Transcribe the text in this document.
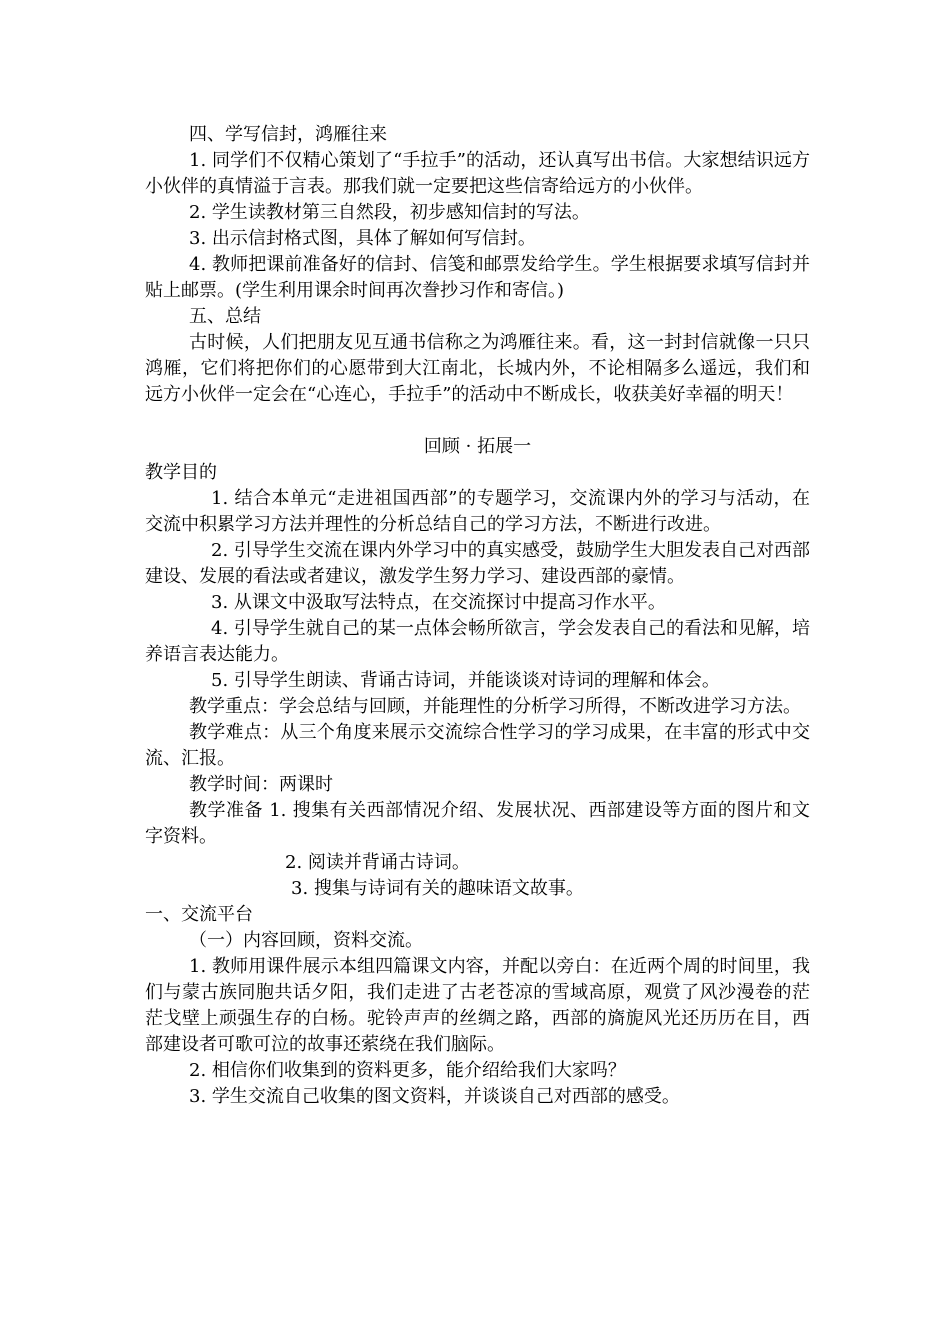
四、学写信封，鸿雁往来

1. 同学们不仅精心策划了“手拉手”的活动，还认真写出书信。大家想结识远方小伙伴的真情溢于言表。那我们就一定要把这些信寄给远方的小伙伴。

2. 学生读教材第三自然段，初步感知信封的写法。

3. 出示信封格式图，具体了解如何写信封。

4. 教师把课前准备好的信封、信笺和邮票发给学生。学生根据要求填写信封并贴上邮票。(学生利用课余时间再次誊抄习作和寄信。)

五、总结

古时候，人们把朋友见互通书信称之为鸿雁往来。看，这一封封信就像一只只鸿雁，它们将把你们的心愿带到大江南北，长城内外，不论相隔多么遥远，我们和远方小伙伴一定会在“心连心，手拉手”的活动中不断成长，收获美好幸福的明天！

回顾 · 拓展一

教学目的

1. 结合本单元“走进祖国西部”的专题学习，交流课内外的学习与活动，在交流中积累学习方法并理性的分析总结自己的学习方法，不断进行改进。

2. 引导学生交流在课内外学习中的真实感受，鼓励学生大胆发表自己对西部建设、发展的看法或者建议，激发学生努力学习、建设西部的豪情。

3. 从课文中汲取写法特点，在交流探讨中提高习作水平。

4. 引导学生就自己的某一点体会畅所欲言，学会发表自己的看法和见解，培养语言表达能力。

5. 引导学生朗读、背诵古诗词，并能谈谈对诗词的理解和体会。

教学重点：学会总结与回顾，并能理性的分析学习所得，不断改进学习方法。

教学难点：从三个角度来展示交流综合性学习的学习成果，在丰富的形式中交流、汇报。

教学时间：两课时

教学准备 1. 搜集有关西部情况介绍、发展状况、西部建设等方面的图片和文字资料。

2. 阅读并背诵古诗词。

3. 搜集与诗词有关的趣味语文故事。

一、交流平台

（一）内容回顾，资料交流。

1. 教师用课件展示本组四篇课文内容，并配以旁白：在近两个周的时间里，我们与蒙古族同胞共话夕阳，我们走进了古老苍凉的雪域高原，观赏了风沙漫卷的茫茫戈壁上顽强生存的白杨。驼铃声声的丝绸之路，西部的旖旎风光还历历在目，西部建设者可歌可泣的故事还萦绕在我们脑际。

2. 相信你们收集到的资料更多，能介绍给我们大家吗？

3. 学生交流自己收集的图文资料，并谈谈自己对西部的感受。
